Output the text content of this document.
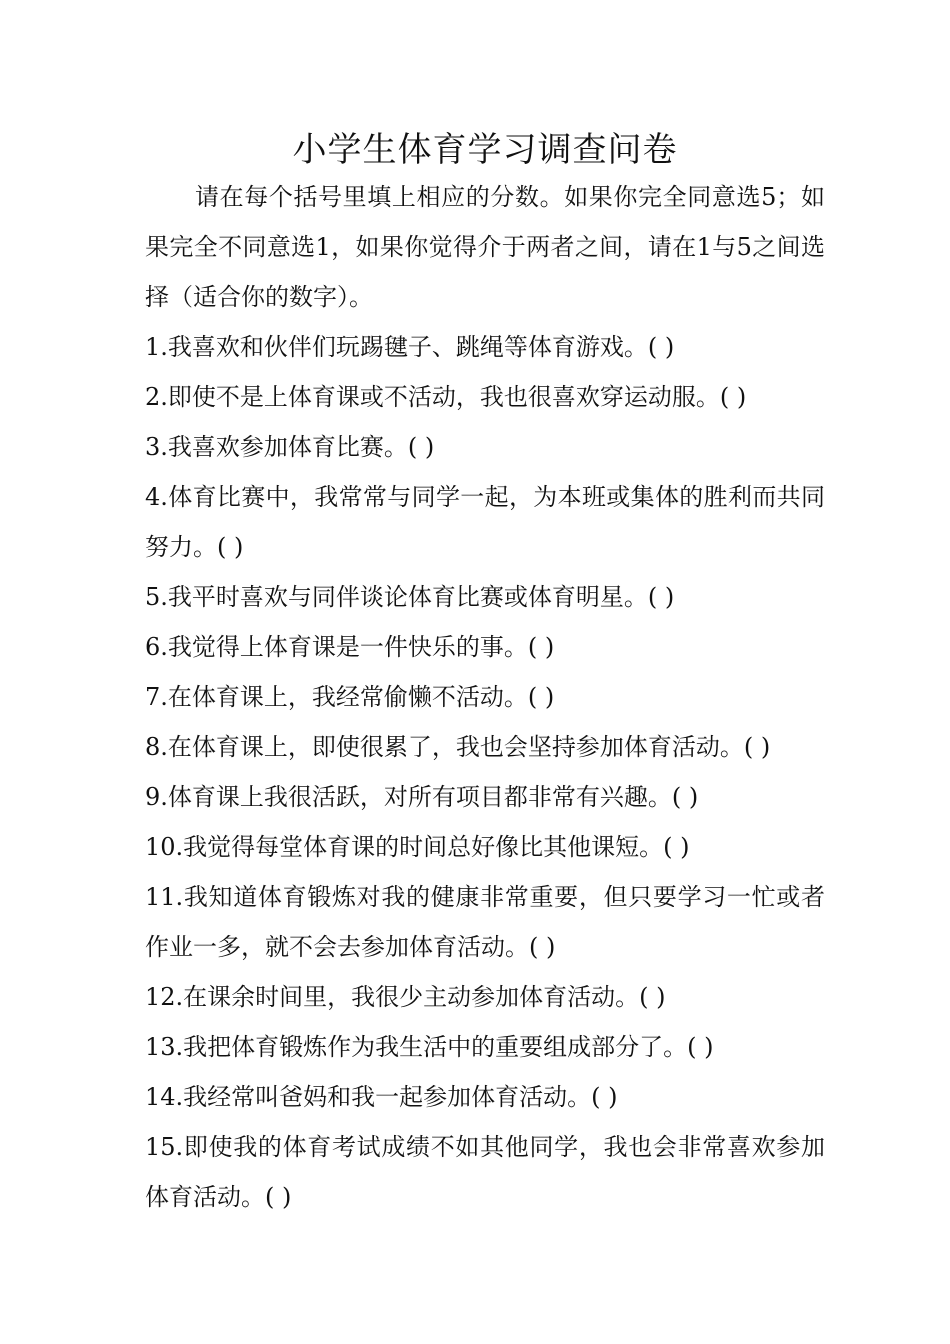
小学生体育学习调查问卷

请在每个括号里填上相应的分数。如果你完全同意选5；如果完全不同意选1，如果你觉得介于两者之间，请在1与5之间选择（适合你的数字）。

1.我喜欢和伙伴们玩踢毽子、跳绳等体育游戏。( )

2.即使不是上体育课或不活动，我也很喜欢穿运动服。( )

3.我喜欢参加体育比赛。( )

4.体育比赛中，我常常与同学一起，为本班或集体的胜利而共同努力。( )

5.我平时喜欢与同伴谈论体育比赛或体育明星。( )

6.我觉得上体育课是一件快乐的事。( )

7.在体育课上，我经常偷懒不活动。( )

8.在体育课上，即使很累了，我也会坚持参加体育活动。( )

9.体育课上我很活跃，对所有项目都非常有兴趣。( )

10.我觉得每堂体育课的时间总好像比其他课短。( )

11.我知道体育锻炼对我的健康非常重要，但只要学习一忙或者作业一多，就不会去参加体育活动。( )

12.在课余时间里，我很少主动参加体育活动。( )

13.我把体育锻炼作为我生活中的重要组成部分了。( )

14.我经常叫爸妈和我一起参加体育活动。( )

15.即使我的体育考试成绩不如其他同学，我也会非常喜欢参加体育活动。( )
